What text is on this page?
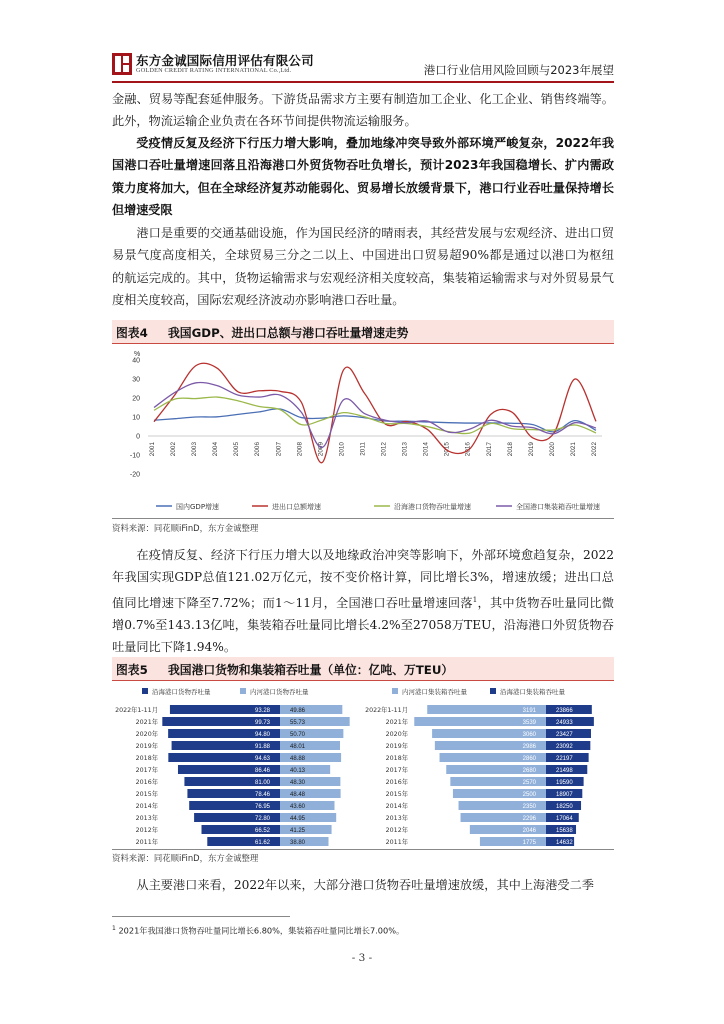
东方金诚国际信用评估有限公司
GOLDEN CREDIT RATING INTERNATIONAL Co.,Ltd.	港口行业信用风险回顾与2023年展望

金融、贸易等配套延伸服务。下游货品需求方主要有制造加工企业、化工企业、销售终端等。此外，物流运输企业负责在各环节间提供物流运输服务。

受疫情反复及经济下行压力增大影响，叠加地缘冲突导致外部环境严峻复杂，2022年我国港口吞吐量增速回落且沿海港口外贸货物吞吐负增长，预计2023年我国稳增长、扩内需政策力度将加大，但在全球经济复苏动能弱化、贸易增长放缓背景下，港口行业吞吐量保持增长但增速受限

港口是重要的交通基础设施，作为国民经济的晴雨表，其经营发展与宏观经济、进出口贸易景气度高度相关，全球贸易三分之二以上、中国进出口贸易超90%都是通过以港口为枢纽的航运完成的。其中，货物运输需求与宏观经济相关度较高，集装箱运输需求与对外贸易景气度相关度较高，国际宏观经济波动亦影响港口吞吐量。

图表4 我国GDP、进出口总额与港口吞吐量增速走势
%
-20
-10
0
10
20
30
40
2001 2002 2003 2004 2005 2006 2007 2008 2009 2010 2011 2012 2013 2014 2015 2016 2017 2018 2019 2020 2021 2022
国内GDP增速	进出口总额增速	沿海港口货物吞吐量增速	全国港口集装箱吞吐量增速
资料来源：同花顺iFinD，东方金诚整理

在疫情反复、经济下行压力增大以及地缘政治冲突等影响下，外部环境愈趋复杂，2022年我国实现GDP总值121.02万亿元，按不变价格计算，同比增长3%，增速放缓；进出口总值同比增速下降至7.72%；而1～11月，全国港口吞吐量增速回落$^1$，其中货物吞吐量同比微增0.7%至143.13亿吨，集装箱吞吐量同比增长4.2%至27058万TEU，沿海港口外贸货物吞吐量同比下降1.94%。

图表5 我国港口货物和集装箱吞吐量（单位：亿吨、万TEU）
沿海港口货物吞吐量	内河港口货物吞吐量
2022年1-11月	93.28	49.86
2021年	99.73	55.73
2020年	94.80	50.70
2019年	91.88	48.01
2018年	94.63	48.88
2017年	86.46	40.13
2016年	81.00	48.30
2015年	78.46	48.48
2014年	76.95	43.60
2013年	72.80	44.95
2012年	66.52	41.25
2011年	61.62	38.80
内河港口集装箱吞吐量	沿海港口集装箱吞吐量
2022年1-11月	3191	23866
2021年	3539	24933
2020年	3060	23427
2019年	2986	23092
2018年	2860	22197
2017年	2680	21498
2016年	2570	19590
2015年	2500	18907
2014年	2350	18250
2013年	2296	17064
2012年	2046	15638
2011年	1775	14632
资料来源：同花顺iFinD，东方金诚整理

从主要港口来看，2022年以来，大部分港口货物吞吐量增速放缓，其中上海港受二季

$^1$ 2021年我国港口货物吞吐量同比增长6.80%，集装箱吞吐量同比增长7.00%。
- 3 -
